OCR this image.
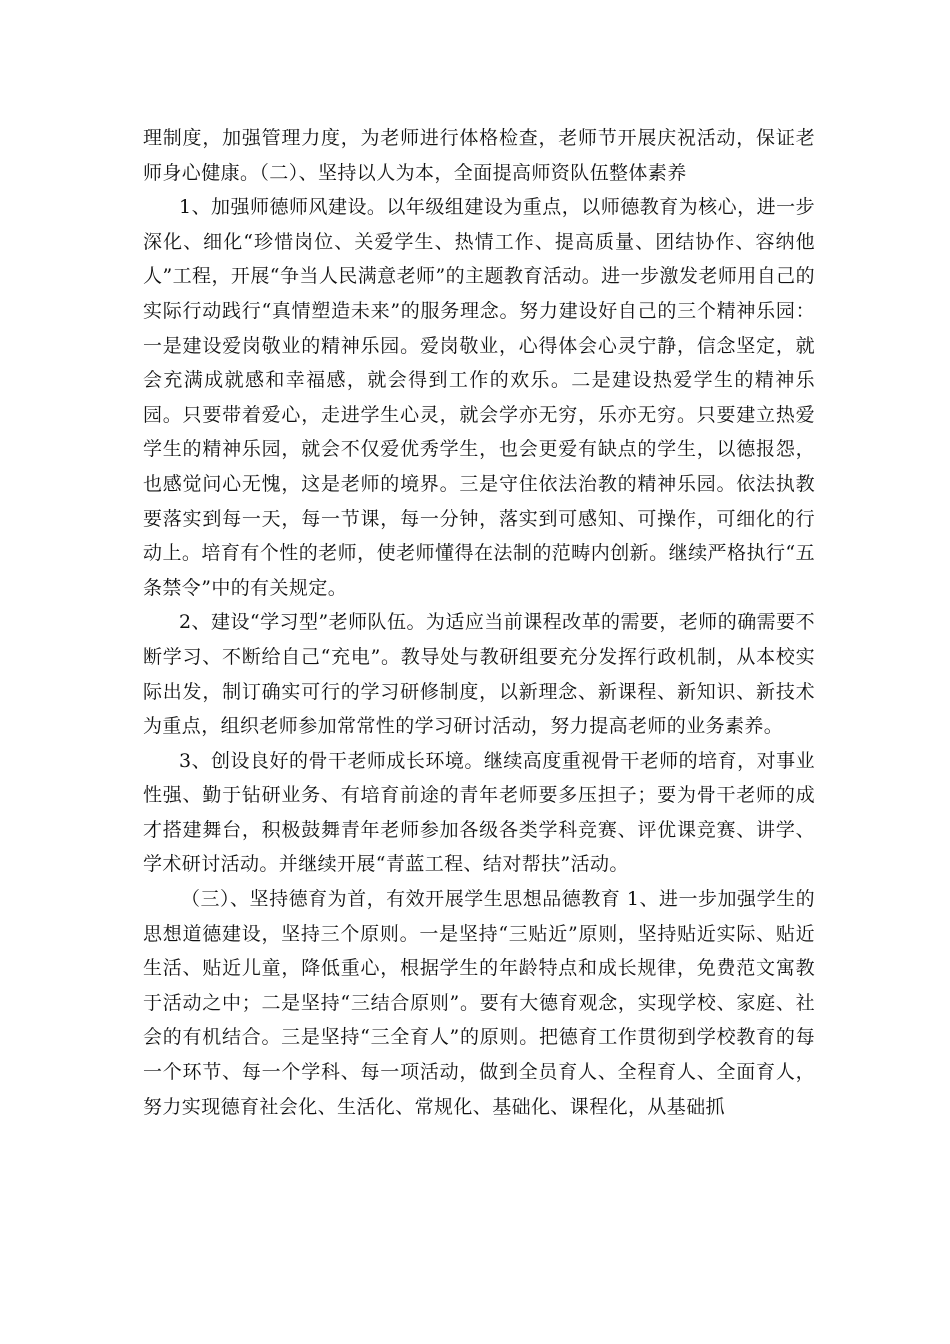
理制度，加强管理力度，为老师进行体格检查，老师节开展庆祝活动，保证老师身心健康。（二）、坚持以人为本，全面提高师资队伍整体素养

1、加强师德师风建设。以年级组建设为重点，以师德教育为核心，进一步深化、细化“珍惜岗位、关爱学生、热情工作、提高质量、团结协作、容纳他人”工程，开展“争当人民满意老师”的主题教育活动。进一步激发老师用自己的实际行动践行“真情塑造未来”的服务理念。努力建设好自己的三个精神乐园：一是建设爱岗敬业的精神乐园。爱岗敬业，心得体会心灵宁静，信念坚定，就会充满成就感和幸福感，就会得到工作的欢乐。二是建设热爱学生的精神乐园。只要带着爱心，走进学生心灵，就会学亦无穷，乐亦无穷。只要建立热爱学生的精神乐园，就会不仅爱优秀学生，也会更爱有缺点的学生，以德报怨，也感觉问心无愧，这是老师的境界。三是守住依法治教的精神乐园。依法执教要落实到每一天，每一节课，每一分钟，落实到可感知、可操作，可细化的行动上。培育有个性的老师，使老师懂得在法制的范畴内创新。继续严格执行“五条禁令”中的有关规定。

2、建设“学习型”老师队伍。为适应当前课程改革的需要，老师的确需要不断学习、不断给自己“充电”。教导处与教研组要充分发挥行政机制，从本校实际出发，制订确实可行的学习研修制度，以新理念、新课程、新知识、新技术为重点，组织老师参加常常性的学习研讨活动，努力提高老师的业务素养。

3、创设良好的骨干老师成长环境。继续高度重视骨干老师的培育，对事业性强、勤于钻研业务、有培育前途的青年老师要多压担子；要为骨干老师的成才搭建舞台，积极鼓舞青年老师参加各级各类学科竞赛、评优课竞赛、讲学、学术研讨活动。并继续开展“青蓝工程、结对帮扶”活动。

（三）、坚持德育为首，有效开展学生思想品德教育 1、进一步加强学生的思想道德建设，坚持三个原则。一是坚持“三贴近”原则，坚持贴近实际、贴近生活、贴近儿童，降低重心，根据学生的年龄特点和成长规律，免费范文寓教于活动之中；二是坚持“三结合原则”。要有大德育观念，实现学校、家庭、社会的有机结合。三是坚持“三全育人”的原则。把德育工作贯彻到学校教育的每一个环节、每一个学科、每一项活动，做到全员育人、全程育人、全面育人，努力实现德育社会化、生活化、常规化、基础化、课程化，从基础抓
